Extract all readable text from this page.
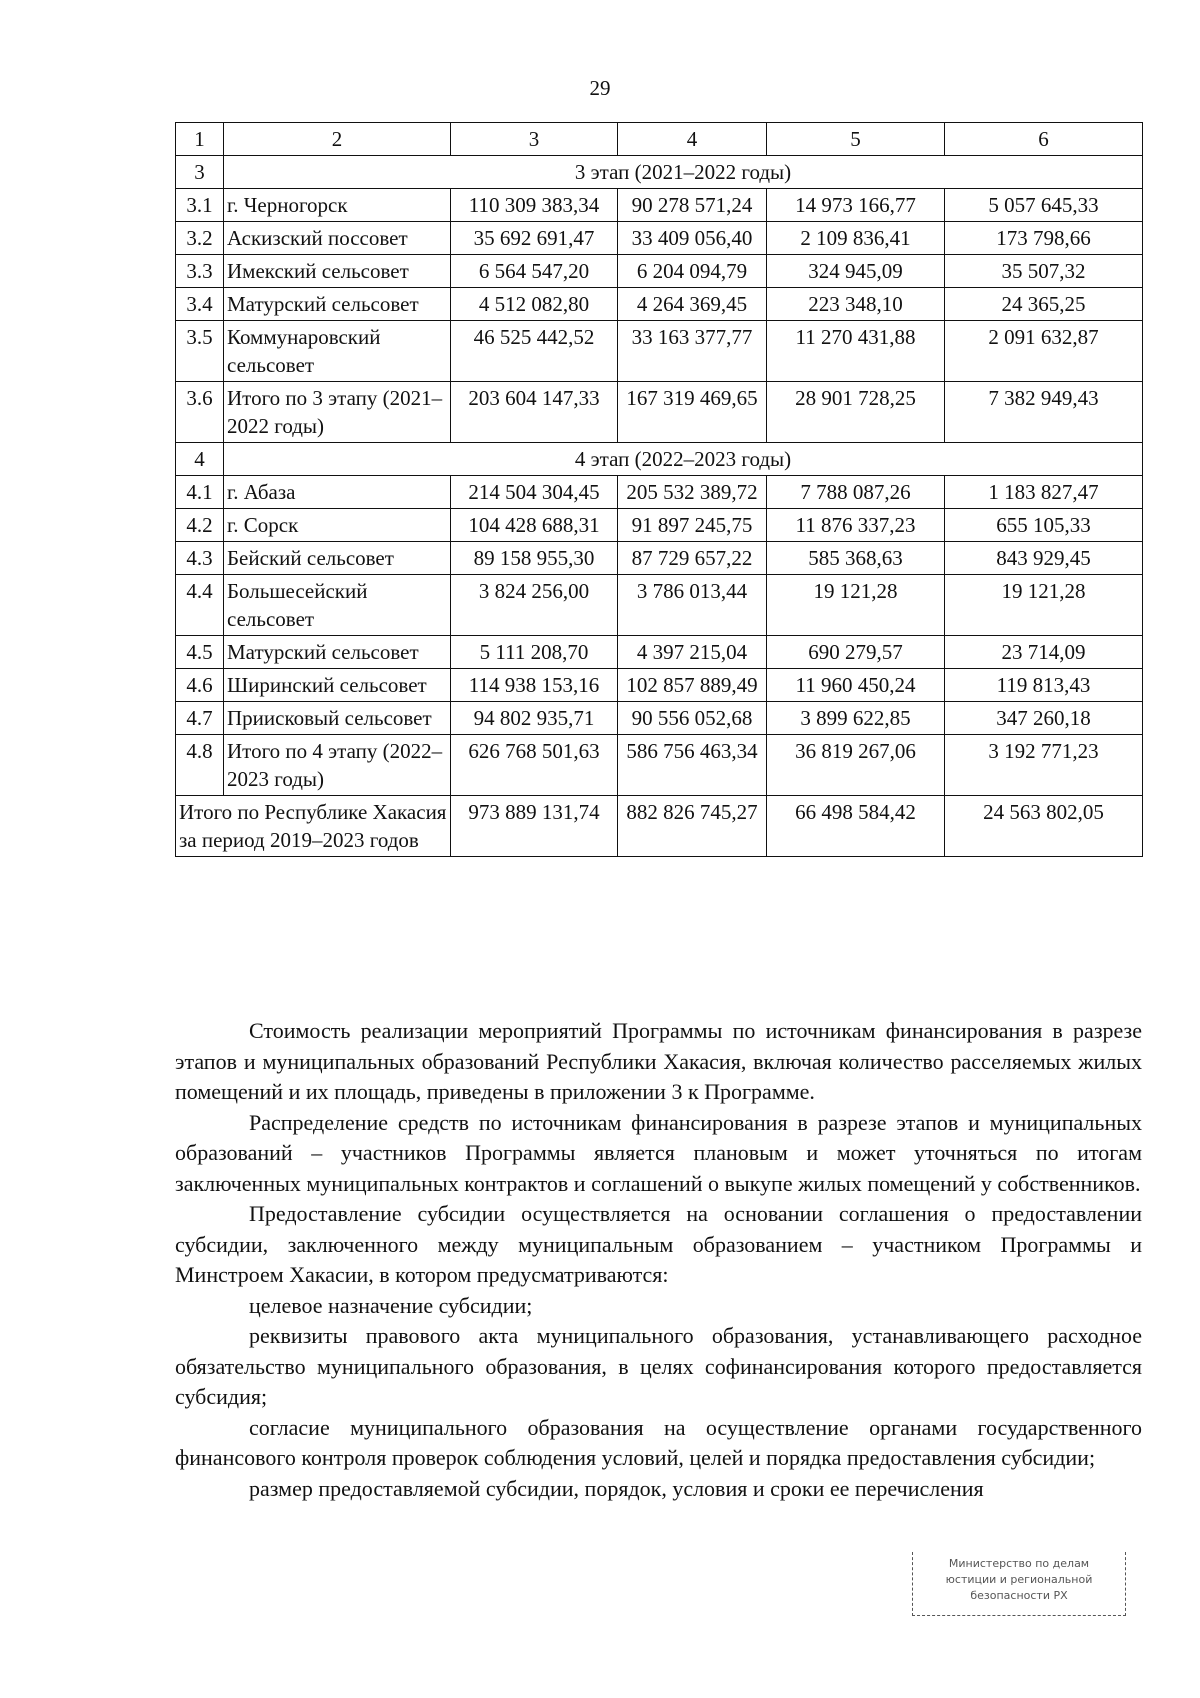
29
1	2	3	4	5	6
3	3 этап (2021–2022 годы)				
3.1	г. Черногорск	110 309 383,34	90 278 571,24	14 973 166,77	5 057 645,33
3.2	Аскизский поссовет	35 692 691,47	33 409 056,40	2 109 836,41	173 798,66
3.3	Имекский сельсовет	6 564 547,20	6 204 094,79	324 945,09	35 507,32
3.4	Матурский сельсовет	4 512 082,80	4 264 369,45	223 348,10	24 365,25
3.5	Коммунаровский сельсовет	46 525 442,52	33 163 377,77	11 270 431,88	2 091 632,87
3.6	Итого по 3 этапу (2021–2022 годы)	203 604 147,33	167 319 469,65	28 901 728,25	7 382 949,43
4	4 этап (2022–2023 годы)				
4.1	г. Абаза	214 504 304,45	205 532 389,72	7 788 087,26	1 183 827,47
4.2	г. Сорск	104 428 688,31	91 897 245,75	11 876 337,23	655 105,33
4.3	Бейский сельсовет	89 158 955,30	87 729 657,22	585 368,63	843 929,45
4.4	Большесейский сельсовет	3 824 256,00	3 786 013,44	19 121,28	19 121,28
4.5	Матурский сельсовет	5 111 208,70	4 397 215,04	690 279,57	23 714,09
4.6	Ширинский сельсовет	114 938 153,16	102 857 889,49	11 960 450,24	119 813,43
4.7	Приисковый сельсовет	94 802 935,71	90 556 052,68	3 899 622,85	347 260,18
4.8	Итого по 4 этапу (2022–2023 годы)	626 768 501,63	586 756 463,34	36 819 267,06	3 192 771,23
Итого по Республике Хакасия за период 2019–2023 годов		973 889 131,74	882 826 745,27	66 498 584,42	24 563 802,05

Стоимость реализации мероприятий Программы по источникам финансирования в разрезе этапов и муниципальных образований Республики Хакасия, включая количество расселяемых жилых помещений и их площадь, приведены в приложении 3 к Программе.

Распределение средств по источникам финансирования в разрезе этапов и муниципальных образований – участников Программы является плановым и может уточняться по итогам заключенных муниципальных контрактов и соглашений о выкупе жилых помещений у собственников.

Предоставление субсидии осуществляется на основании соглашения о предоставлении субсидии, заключенного между муниципальным образованием – участником Программы и Минстроем Хакасии, в котором предусматриваются:

целевое назначение субсидии;

реквизиты правового акта муниципального образования, устанавливающего расходное обязательство муниципального образования, в целях софинансирования которого предоставляется субсидия;

согласие муниципального образования на осуществление органами государственного финансового контроля проверок соблюдения условий, целей и порядка предоставления субсидии;

размер предоставляемой субсидии, порядок, условия и сроки ее перечисления

Министерство по делам
юстиции и региональной
безопасности РХ
